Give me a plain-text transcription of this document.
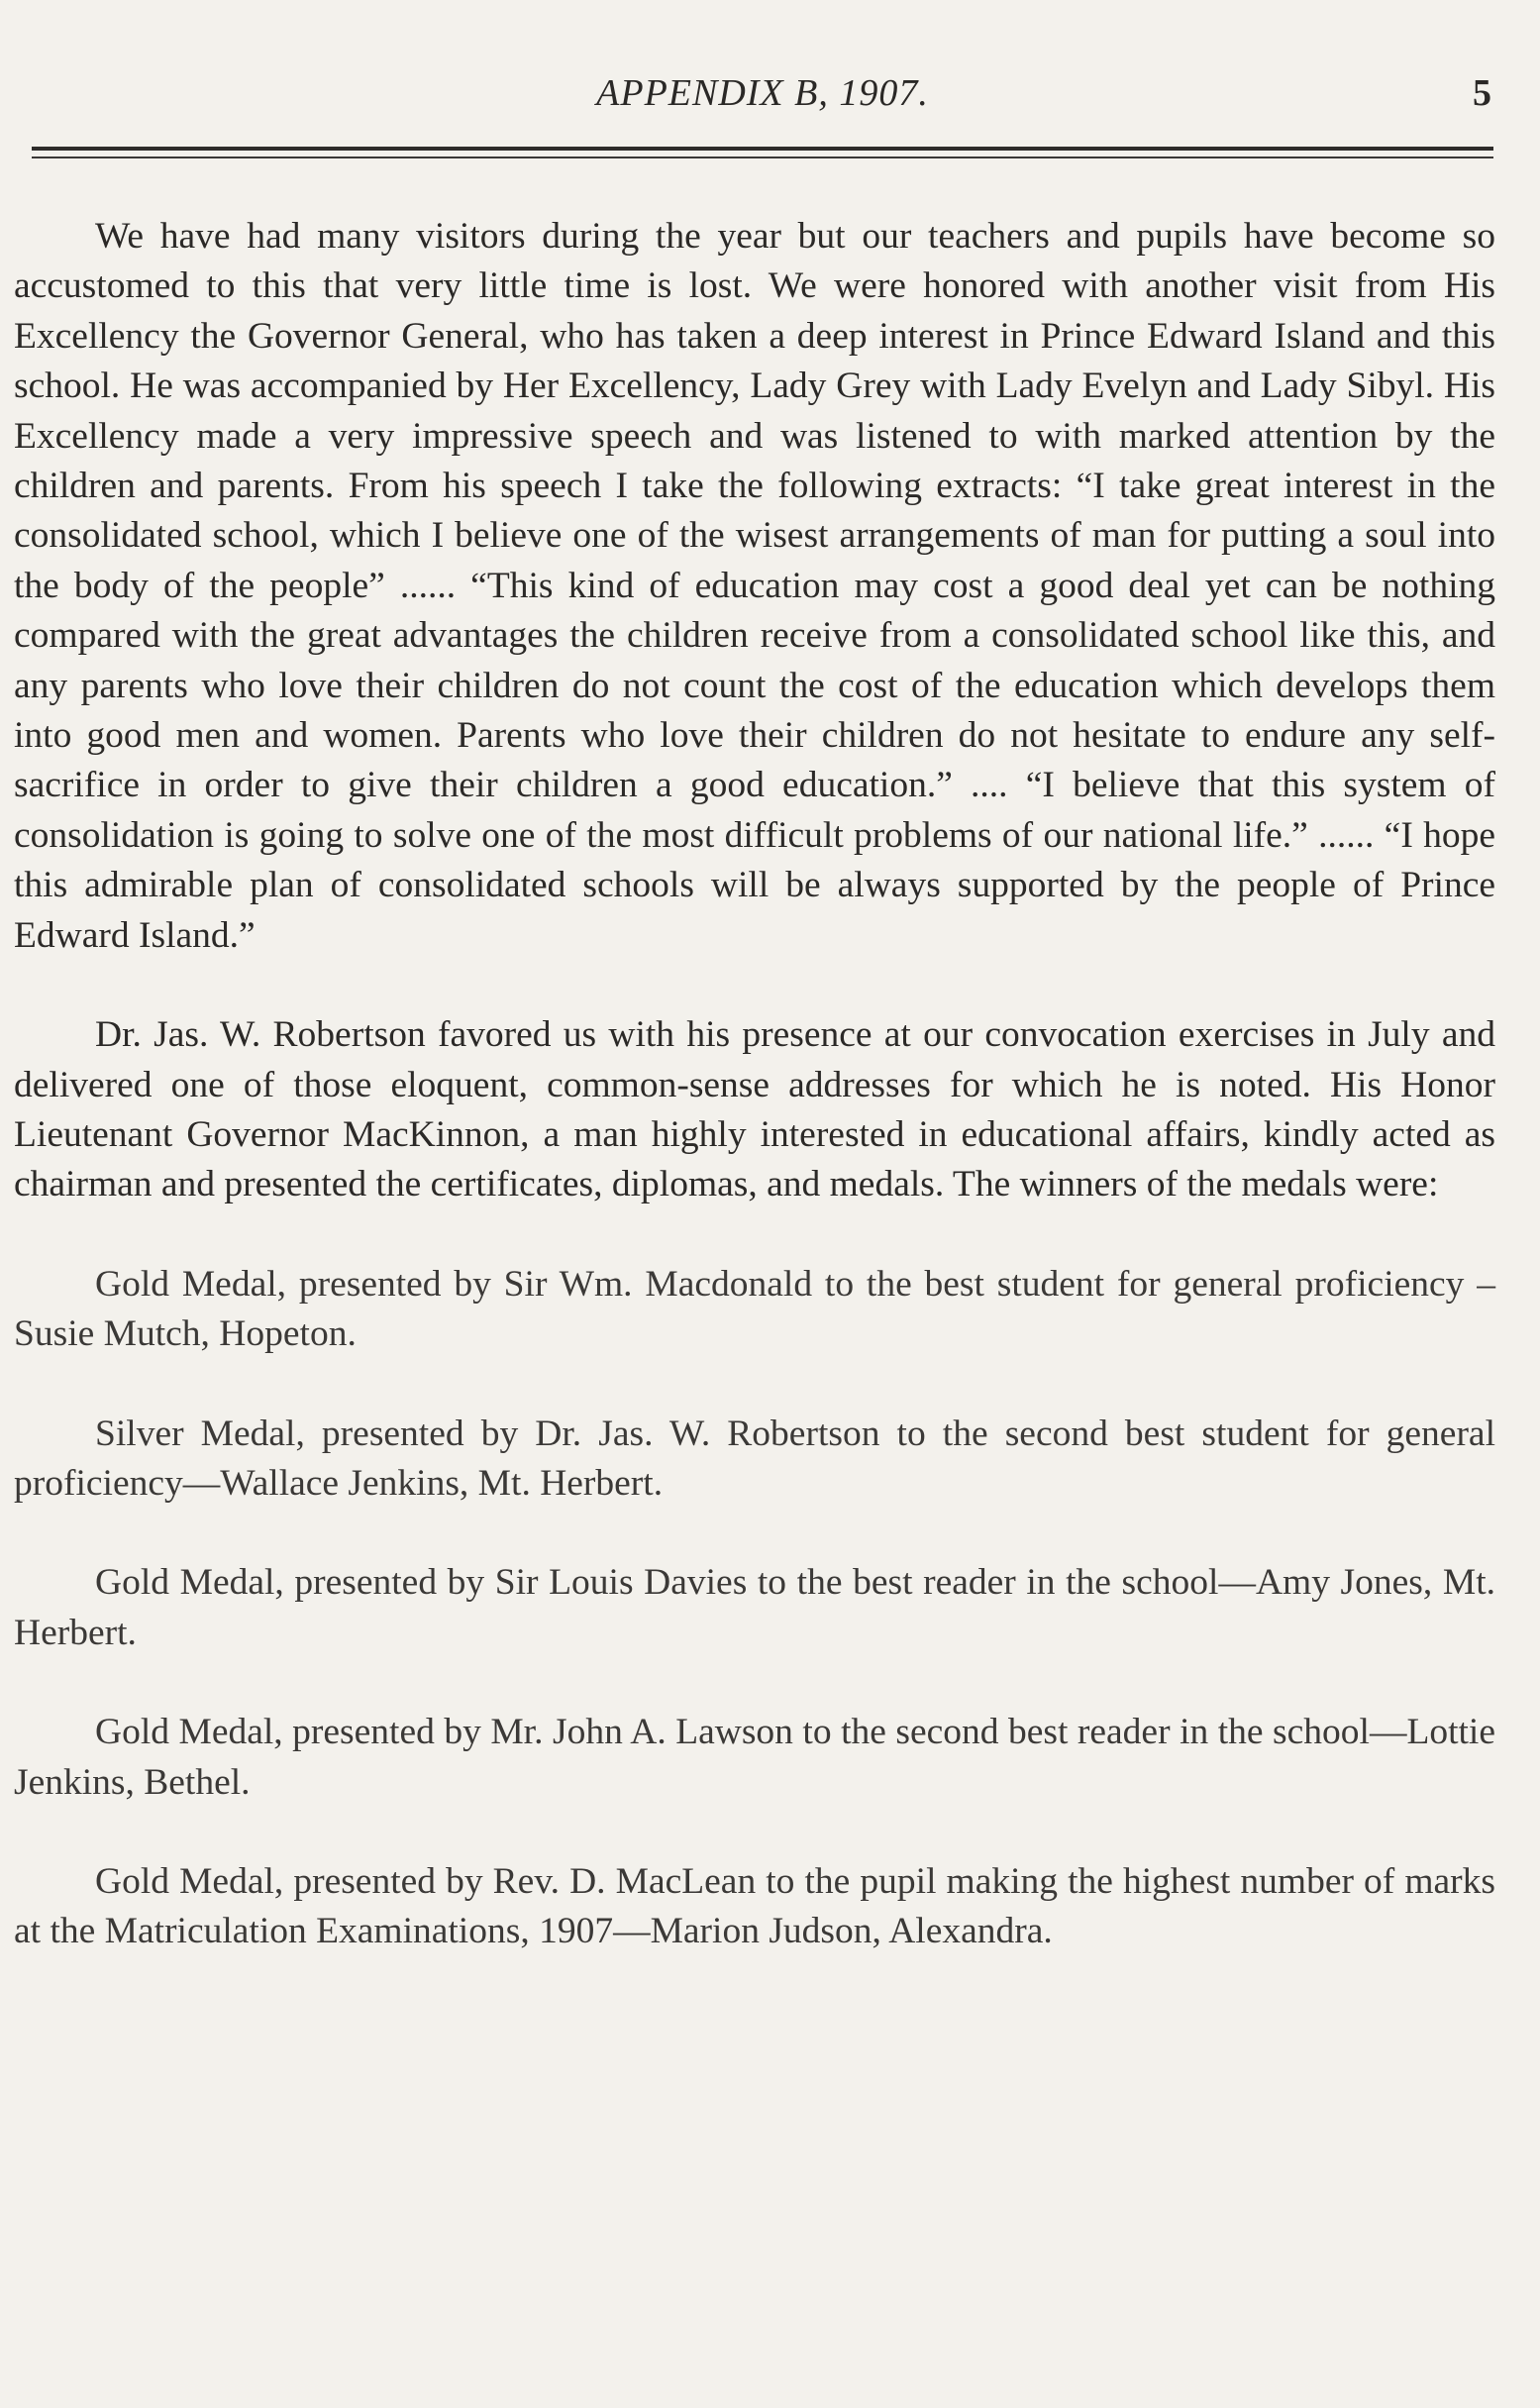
APPENDIX B, 1907.	5

We have had many visitors during the year but our teachers and pupils have become so accustomed to this that very little time is lost. We were honored with another visit from His Excellency the Governor General, who has taken a deep interest in Prince Edward Island and this school. He was accompanied by Her Excellency, Lady Grey with Lady Evelyn and Lady Sibyl. His Excellency made a very impressive speech and was listened to with marked attention by the children and parents. From his speech I take the following extracts: “I take great interest in the consolidated school, which I believe one of the wisest arrangements of man for putting a soul into the body of the people” ...... “This kind of education may cost a good deal yet can be nothing compared with the great advantages the children receive from a consolidated school like this, and any parents who love their children do not count the cost of the education which develops them into good men and women. Parents who love their children do not hesitate to endure any self-sacrifice in order to give their children a good education.” .... “I believe that this system of consolidation is going to solve one of the most difficult problems of our national life.” ...... “I hope this admirable plan of consolidated schools will be always supported by the people of Prince Edward Island.”

Dr. Jas. W. Robertson favored us with his presence at our convocation exercises in July and delivered one of those eloquent, common-sense addresses for which he is noted. His Honor Lieutenant Governor MacKinnon, a man highly interested in educational affairs, kindly acted as chairman and presented the certificates, diplomas, and medals. The winners of the medals were:

Gold Medal, presented by Sir Wm. Macdonald to the best student for general proficiency – Susie Mutch, Hopeton.

Silver Medal, presented by Dr. Jas. W. Robertson to the second best student for general proficiency—Wallace Jenkins, Mt. Herbert.

Gold Medal, presented by Sir Louis Davies to the best reader in the school—Amy Jones, Mt. Herbert.

Gold Medal, presented by Mr. John A. Lawson to the second best reader in the school—Lottie Jenkins, Bethel.

Gold Medal, presented by Rev. D. MacLean to the pupil making the highest number of marks at the Matriculation Examinations, 1907—Marion Judson, Alexandra.
